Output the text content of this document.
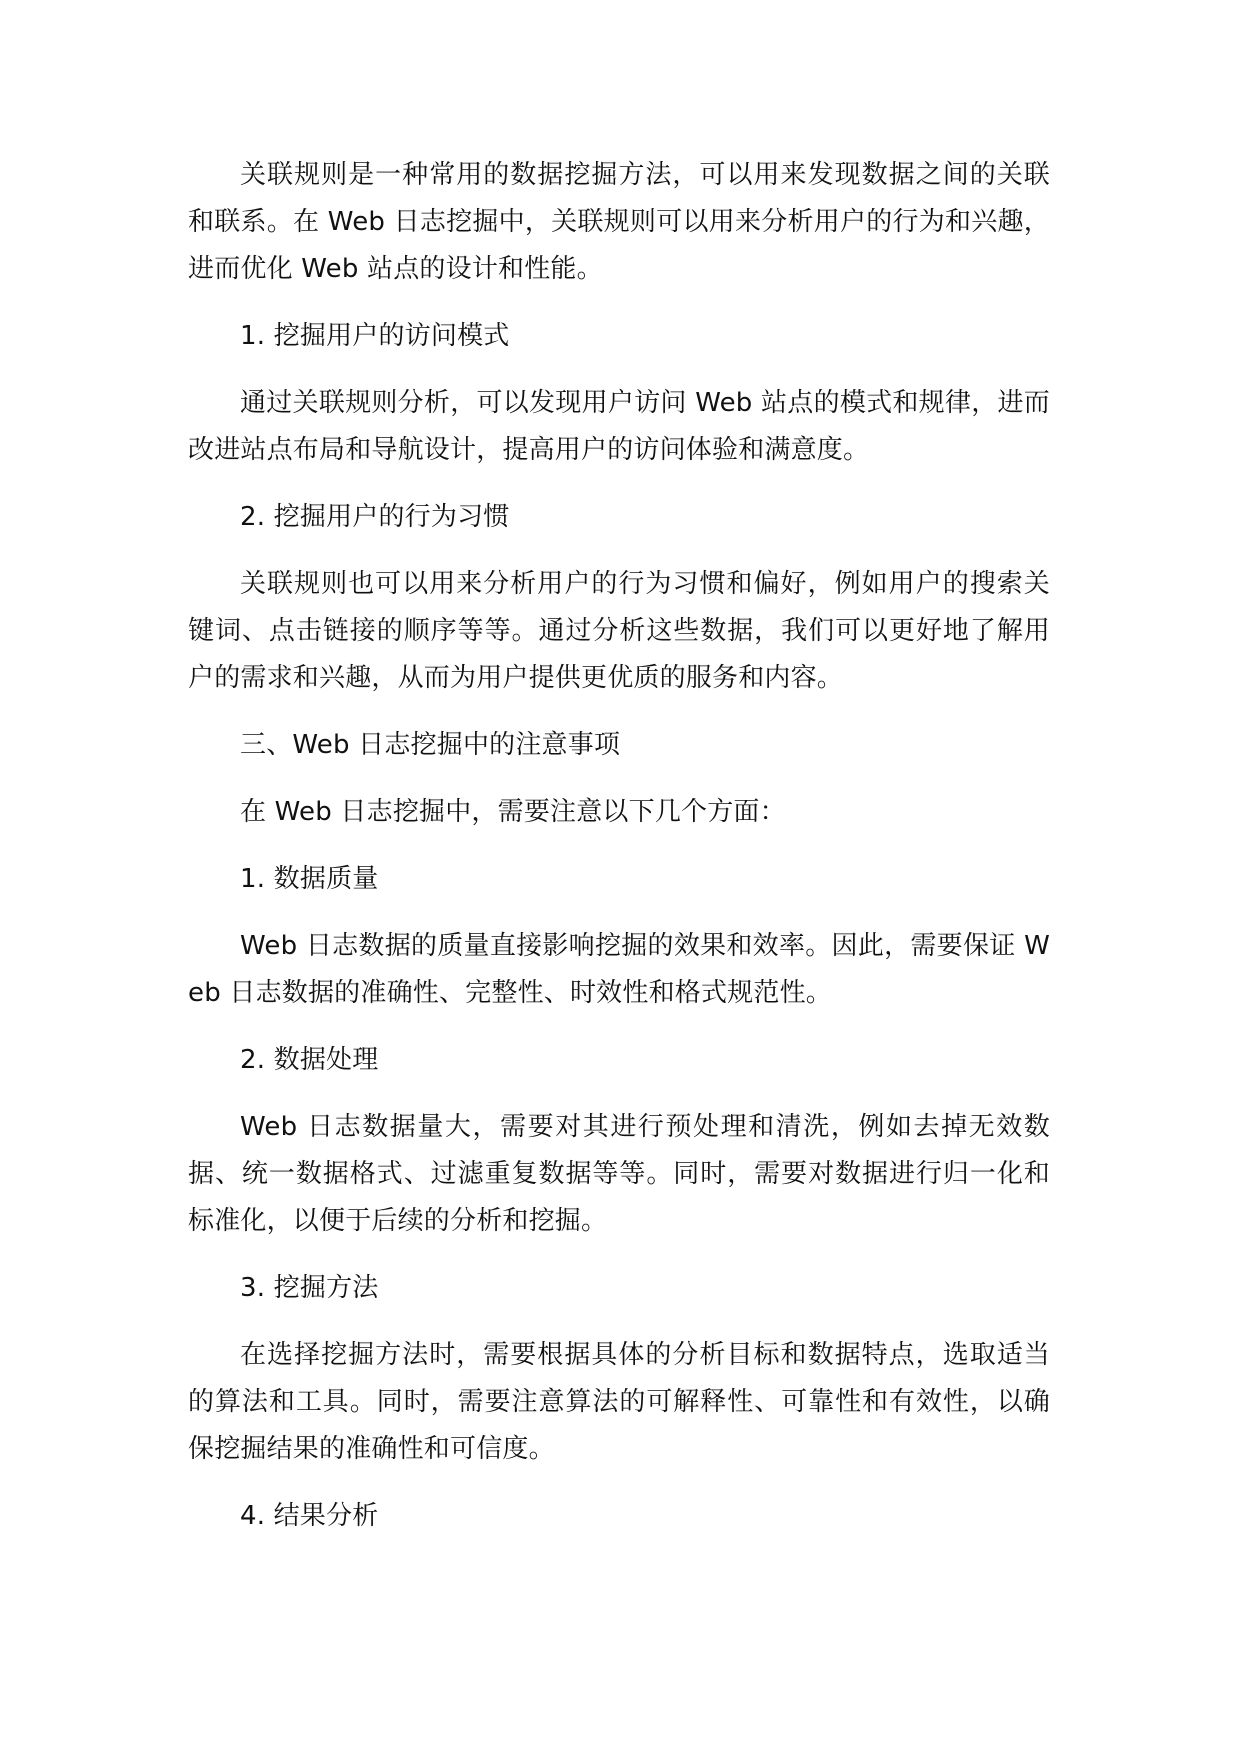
关联规则是一种常用的数据挖掘方法，可以用来发现数据之间的关联和联系。在 Web 日志挖掘中，关联规则可以用来分析用户的行为和兴趣，进而优化 Web 站点的设计和性能。

1. 挖掘用户的访问模式

通过关联规则分析，可以发现用户访问 Web 站点的模式和规律，进而改进站点布局和导航设计，提高用户的访问体验和满意度。

2. 挖掘用户的行为习惯

关联规则也可以用来分析用户的行为习惯和偏好，例如用户的搜索关键词、点击链接的顺序等等。通过分析这些数据，我们可以更好地了解用户的需求和兴趣，从而为用户提供更优质的服务和内容。

三、Web 日志挖掘中的注意事项

在 Web 日志挖掘中，需要注意以下几个方面：

1. 数据质量

Web 日志数据的质量直接影响挖掘的效果和效率。因此，需要保证 Web 日志数据的准确性、完整性、时效性和格式规范性。

2. 数据处理

Web 日志数据量大，需要对其进行预处理和清洗，例如去掉无效数据、统一数据格式、过滤重复数据等等。同时，需要对数据进行归一化和标准化，以便于后续的分析和挖掘。

3. 挖掘方法

在选择挖掘方法时，需要根据具体的分析目标和数据特点，选取适当的算法和工具。同时，需要注意算法的可解释性、可靠性和有效性，以确保挖掘结果的准确性和可信度。

4. 结果分析
